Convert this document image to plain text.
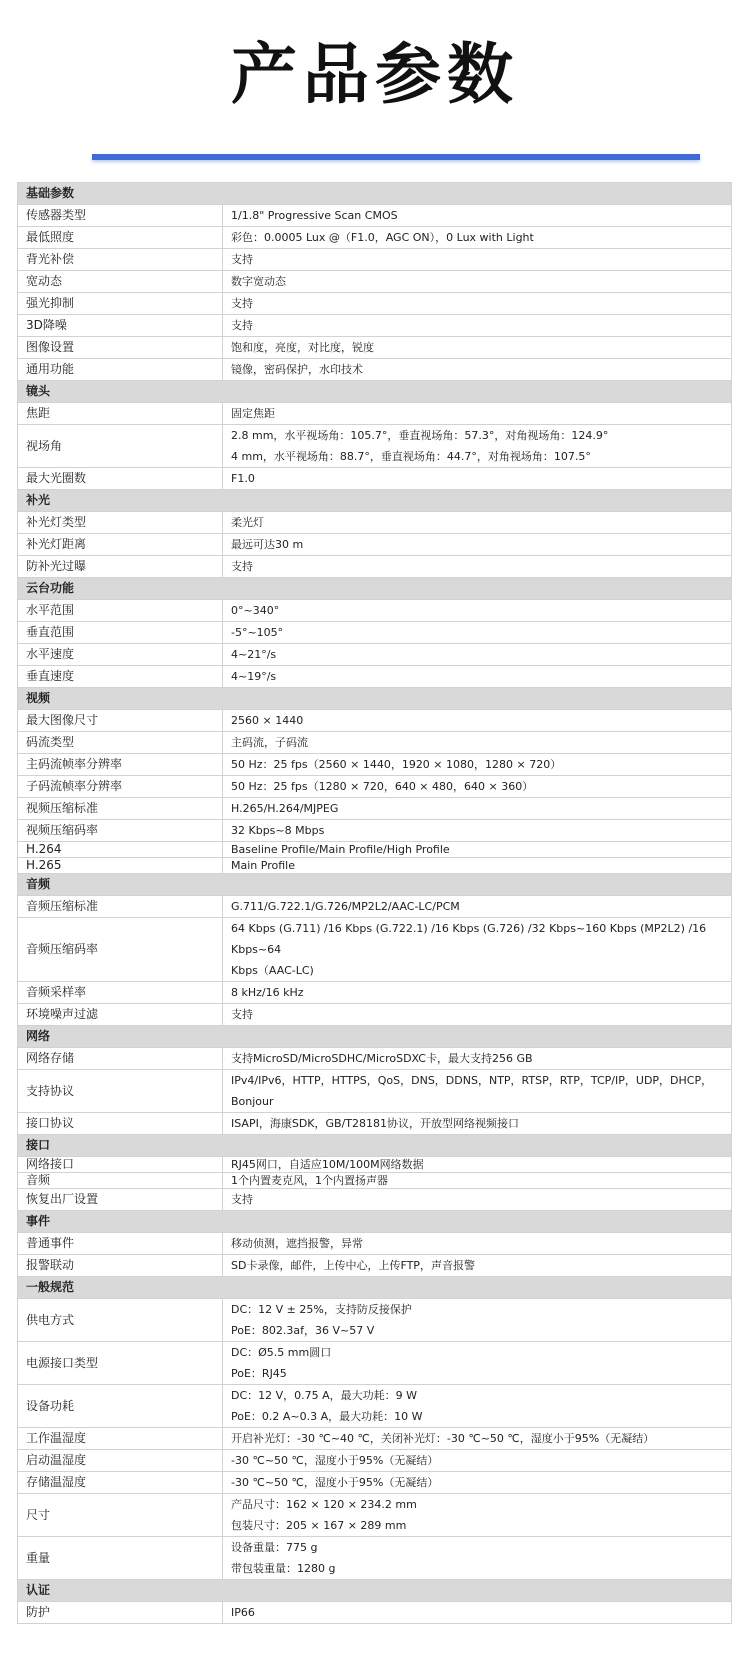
产品参数
基础参数	
传感器类型	1/1.8" Progressive Scan CMOS

最低照度	彩色：0.0005 Lux @（F1.0，AGC ON），0 Lux with Light

背光补偿	支持

宽动态	数字宽动态

强光抑制	支持

3D降噪	支持

图像设置	饱和度，亮度，对比度，锐度

通用功能	镜像，密码保护，水印技术

镜头	
焦距	固定焦距

视场角	2.8 mm，水平视场角：105.7°，垂直视场角：57.3°，对角视场角：124.9°
4 mm，水平视场角：88.7°，垂直视场角：44.7°，对角视场角：107.5°

最大光圈数	F1.0

补光	
补光灯类型	柔光灯

补光灯距离	最远可达30 m

防补光过曝	支持

云台功能	
水平范围	0°~340°

垂直范围	-5°~105°

水平速度	4~21°/s

垂直速度	4~19°/s

视频	
最大图像尺寸	2560 × 1440

码流类型	主码流，子码流

主码流帧率分辨率	50 Hz：25 fps（2560 × 1440，1920 × 1080，1280 × 720）

子码流帧率分辨率	50 Hz：25 fps（1280 × 720，640 × 480，640 × 360）

视频压缩标准	H.265/H.264/MJPEG

视频压缩码率	32 Kbps~8 Mbps

H.264	Baseline Profile/Main Profile/High Profile

H.265	Main Profile

音频	
音频压缩标准	G.711/G.722.1/G.726/MP2L2/AAC-LC/PCM

音频压缩码率	64 Kbps (G.711) /16 Kbps (G.722.1) /16 Kbps (G.726) /32 Kbps~160 Kbps (MP2L2) /16 Kbps~64
Kbps（AAC-LC)

音频采样率	8 kHz/16 kHz

环境噪声过滤	支持

网络	
网络存储	支持MicroSD/MicroSDHC/MicroSDXC卡，最大支持256 GB

支持协议	IPv4/IPv6，HTTP，HTTPS，QoS，DNS，DDNS，NTP，RTSP，RTP，TCP/IP，UDP，DHCP，Bonjour

接口协议	ISAPI，海康SDK，GB/T28181协议，开放型网络视频接口

接口	
网络接口	RJ45网口，自适应10M/100M网络数据

音频	1个内置麦克风，1个内置扬声器

恢复出厂设置	支持

事件	
普通事件	移动侦测，遮挡报警，异常

报警联动	SD卡录像，邮件，上传中心，上传FTP，声音报警

一般规范	
供电方式	DC：12 V ± 25%，支持防反接保护
PoE：802.3af，36 V~57 V

电源接口类型	DC：Ø5.5 mm圆口
PoE：RJ45

设备功耗	DC：12 V，0.75 A，最大功耗：9 W
PoE：0.2 A~0.3 A，最大功耗：10 W

工作温湿度	开启补光灯：-30 ℃~40 ℃，关闭补光灯：-30 ℃~50 ℃，湿度小于95%（无凝结）

启动温湿度	-30 ℃~50 ℃，湿度小于95%（无凝结）

存储温湿度	-30 ℃~50 ℃，湿度小于95%（无凝结）

尺寸	产品尺寸：162 × 120 × 234.2 mm
包装尺寸：205 × 167 × 289 mm

重量	设备重量：775 g
带包装重量：1280 g

认证	
防护	IP66
